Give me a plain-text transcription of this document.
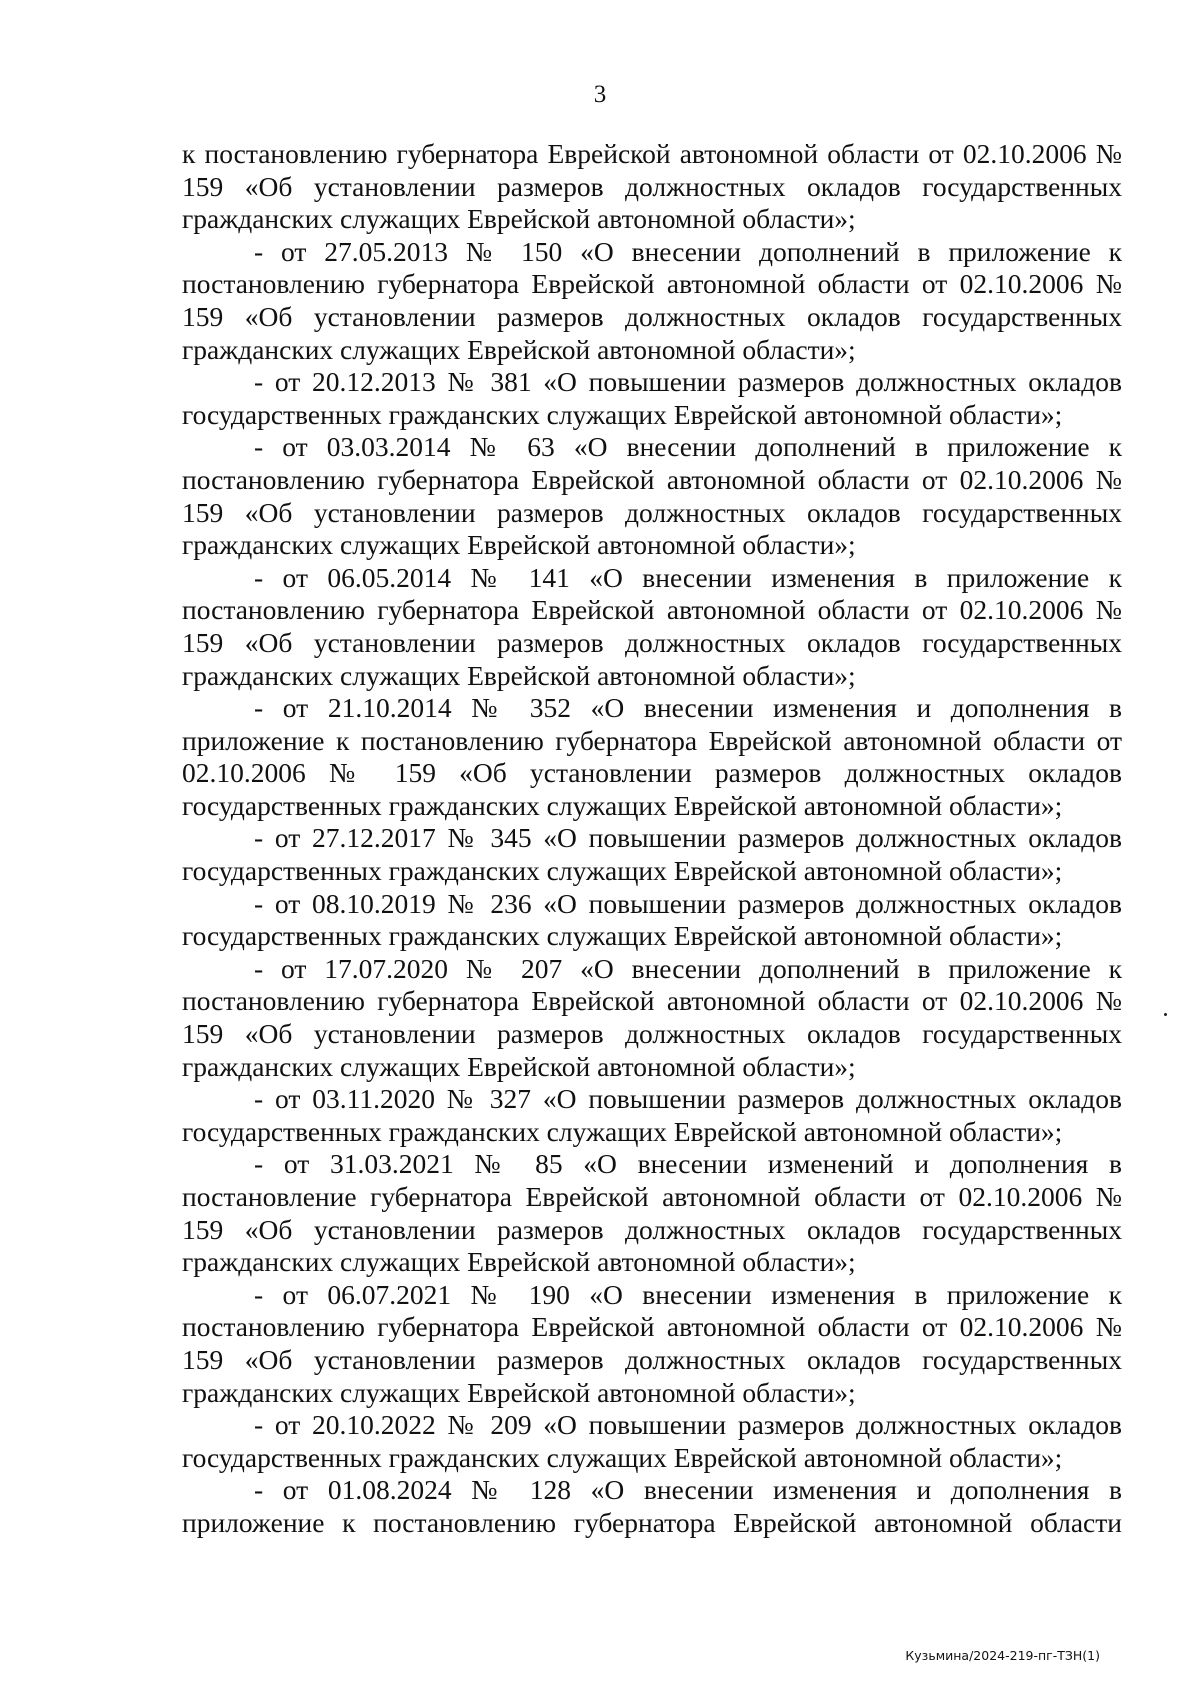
3

к постановлению губернатора Еврейской автономной области от 02.10.2006 № 159 «Об установлении размеров должностных окладов государственных гражданских служащих Еврейской автономной области»;

- от 27.05.2013 № 150 «О внесении дополнений в приложение к постановлению губернатора Еврейской автономной области от 02.10.2006 № 159 «Об установлении размеров должностных окладов государственных гражданских служащих Еврейской автономной области»;

- от 20.12.2013 № 381 «О повышении размеров должностных окладов государственных гражданских служащих Еврейской автономной области»;

- от 03.03.2014 № 63 «О внесении дополнений в приложение к постановлению губернатора Еврейской автономной области от 02.10.2006 № 159 «Об установлении размеров должностных окладов государственных гражданских служащих Еврейской автономной области»;

- от 06.05.2014 № 141 «О внесении изменения в приложение к постановлению губернатора Еврейской автономной области от 02.10.2006 № 159 «Об установлении размеров должностных окладов государственных гражданских служащих Еврейской автономной области»;

- от 21.10.2014 № 352 «О внесении изменения и дополнения в приложение к постановлению губернатора Еврейской автономной области от 02.10.2006 № 159 «Об установлении размеров должностных окладов государственных гражданских служащих Еврейской автономной области»;

- от 27.12.2017 № 345 «О повышении размеров должностных окладов государственных гражданских служащих Еврейской автономной области»;

- от 08.10.2019 № 236 «О повышении размеров должностных окладов государственных гражданских служащих Еврейской автономной области»;

- от 17.07.2020 № 207 «О внесении дополнений в приложение к постановлению губернатора Еврейской автономной области от 02.10.2006 № 159 «Об установлении размеров должностных окладов государственных гражданских служащих Еврейской автономной области»;

- от 03.11.2020 № 327 «О повышении размеров должностных окладов государственных гражданских служащих Еврейской автономной области»;

- от 31.03.2021 № 85 «О внесении изменений и дополнения в постановление губернатора Еврейской автономной области от 02.10.2006 № 159 «Об установлении размеров должностных окладов государственных гражданских служащих Еврейской автономной области»;

- от 06.07.2021 № 190 «О внесении изменения в приложение к постановлению губернатора Еврейской автономной области от 02.10.2006 № 159 «Об установлении размеров должностных окладов государственных гражданских служащих Еврейской автономной области»;

- от 20.10.2022 № 209 «О повышении размеров должностных окладов государственных гражданских служащих Еврейской автономной области»;

- от 01.08.2024 № 128 «О внесении изменения и дополнения в приложение к постановлению губернатора Еврейской автономной области

Кузьмина/2024-219-пг-ТЗН(1)
